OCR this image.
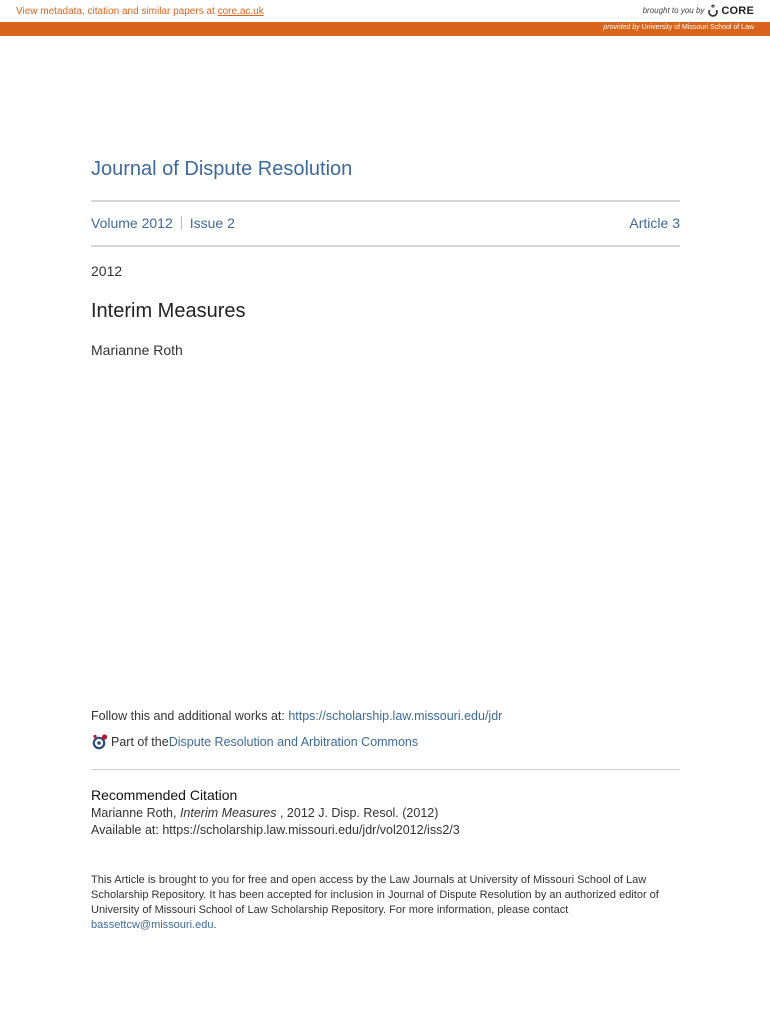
View metadata, citation and similar papers at core.ac.uk	brought to you by CORE
provided by University of Missouri School of Law
Journal of Dispute Resolution
Volume 2012 Issue 2	Article 3
2012
Interim Measures
Marianne Roth
Follow this and additional works at: https://scholarship.law.missouri.edu/jdr
Part of the Dispute Resolution and Arbitration Commons
Recommended Citation
Marianne Roth, Interim Measures , 2012 J. Disp. Resol. (2012)
Available at: https://scholarship.law.missouri.edu/jdr/vol2012/iss2/3

This Article is brought to you for free and open access by the Law Journals at University of Missouri School of Law Scholarship Repository. It has been accepted for inclusion in Journal of Dispute Resolution by an authorized editor of University of Missouri School of Law Scholarship Repository. For more information, please contact bassettcw@missouri.edu.
